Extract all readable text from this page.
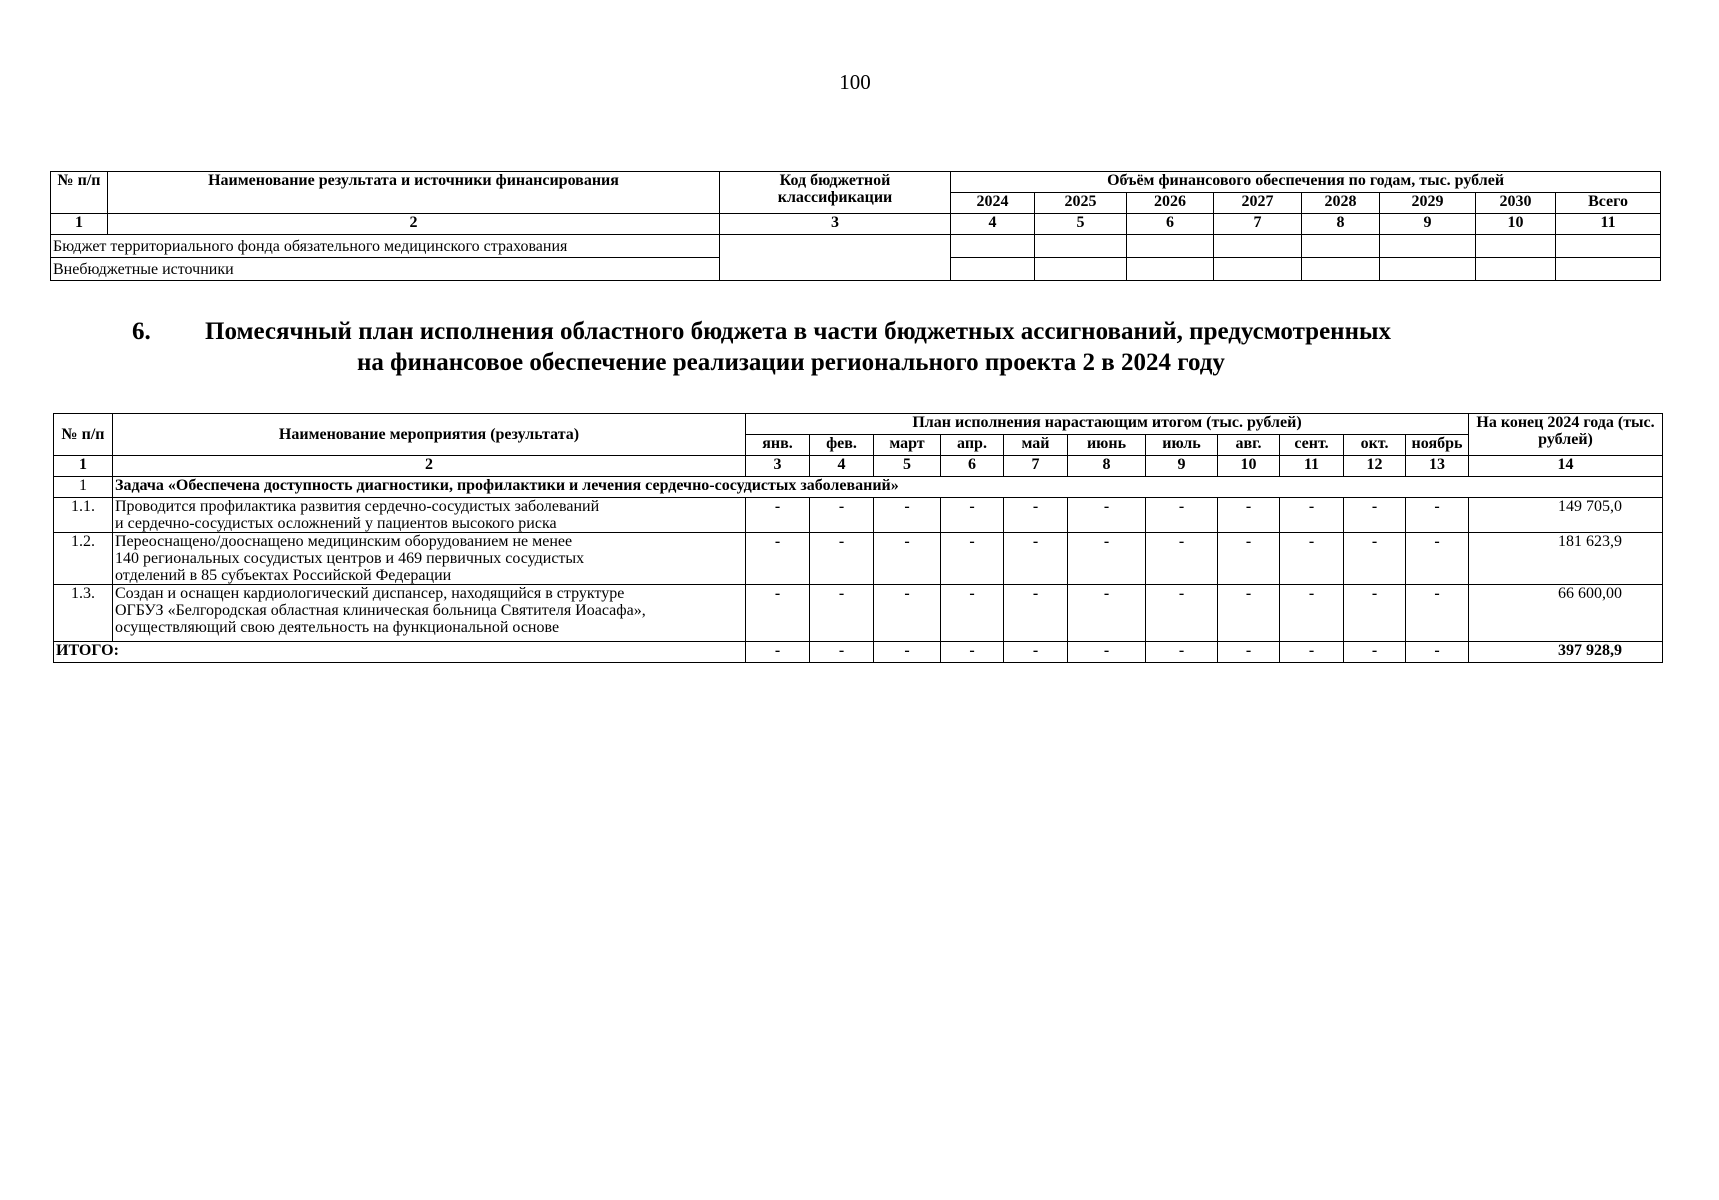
100
№ п/п	Наименование результата и источники финансирования	Код бюджетной классификации	Объём финансового обеспечения по годам, тыс. рублей							
			2024	2025	2026	2027	2028	2029	2030	Всего
1	2	3	4	5	6	7	8	9	10	11
Бюджет территориального фонда обязательного медицинского страхования										
Внебюджетные источники										
6. Помесячный план исполнения областного бюджета в части бюджетных ассигнований, предусмотренных
на финансовое обеспечение реализации регионального проекта 2 в 2024 году
№ п/п	Наименование мероприятия (результата)	План исполнения нарастающим итогом (тыс. рублей)											На конец 2024 года (тыс. рублей)
		янв.	фев.	март	апр.	май	июнь	июль	авг.	сент.	окт.	ноябрь	
1	2	3	4	5	6	7	8	9	10	11	12	13	14
1	Задача «Обеспечена доступность диагностики, профилактики и лечения сердечно-сосудистых заболеваний»												
1.1.	Проводится профилактика развития сердечно-сосудистых заболеваний
и сердечно-сосудистых осложнений у пациентов высокого риска	-	-	-	-	-	-	-	-	-	-	-	149 705,0
1.2.	Переоснащено/дооснащено медицинским оборудованием не менее
140 региональных сосудистых центров и 469 первичных сосудистых
отделений в 85 субъектах Российской Федерации	-	-	-	-	-	-	-	-	-	-	-	181 623,9
1.3.	Создан и оснащен кардиологический диспансер, находящийся в структуре
ОГБУЗ «Белгородская областная клиническая больница Святителя Иоасафа»,
осуществляющий свою деятельность на функциональной основе	-	-	-	-	-	-	-	-	-	-	-	66 600,00
ИТОГО:		-	-	-	-	-	-	-	-	-	-	-	397 928,9
